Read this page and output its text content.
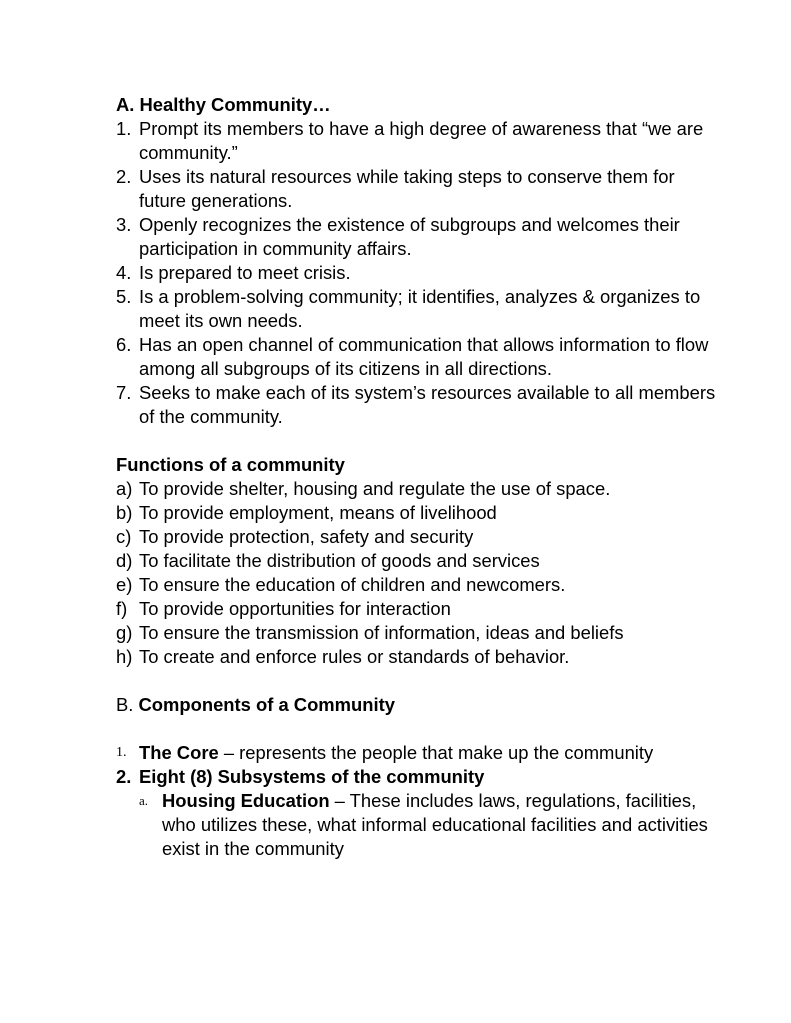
A. Healthy Community…

1. Prompt its members to have a high degree of awareness that “we are community.”
2. Uses its natural resources while taking steps to conserve them for future generations.
3. Openly recognizes the existence of subgroups and welcomes their participation in community affairs.
4. Is prepared to meet crisis.
5. Is a problem-solving community; it identifies, analyzes & organizes to meet its own needs.
6. Has an open channel of communication that allows information to flow among all subgroups of its citizens in all directions.
7. Seeks to make each of its system’s resources available to all members of the community.

Functions of a community

a) To provide shelter, housing and regulate the use of space.
b) To provide employment, means of livelihood
c) To provide protection, safety and security
d) To facilitate the distribution of goods and services
e) To ensure the education of children and newcomers.
f) To provide opportunities for interaction
g) To ensure the transmission of information, ideas and beliefs
h) To create and enforce rules or standards of behavior.

B. Components of a Community

1. The Core – represents the people that make up the community
2. Eight (8) Subsystems of the community
a. Housing Education – These includes laws, regulations, facilities, who utilizes these, what informal educational facilities and activities exist in the community
